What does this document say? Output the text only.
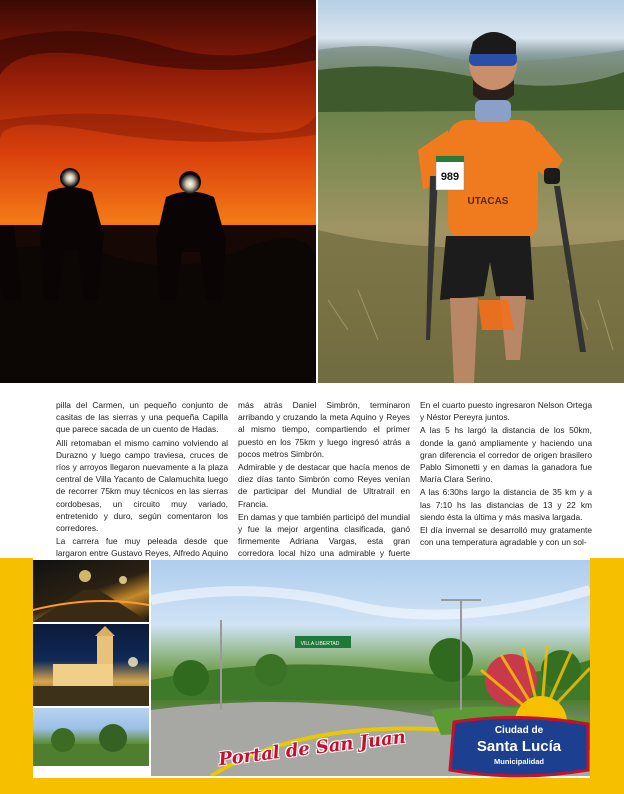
989
UTACAS

pilla del Carmen, un pequeño conjunto de casitas de las sierras y una pequeña Capilla que parece sacada de un cuento de Hadas.

Allí retomaban el mismo camino volviendo al Durazno y luego campo traviesa, cruces de ríos y arroyos llegaron nuevamente a la plaza central de Villa Yacanto de Calamuchita luego de recorrer 75km muy técnicos en las sierras cordobesas, un circuito muy variado, entretenido y duro, según comentaron los corredores.

La carrera fue muy peleada desde que largaron entre Gustavo Reyes, Alfredo Aquino

más atrás Daniel Simbrón, terminaron arribando y cruzando la meta Aquino y Reyes al mismo tiempo, compartiendo el primer puesto en los 75km y luego ingresó atrás a pocos metros Simbrón.

Admirable y de destacar que hacía menos de diez días tanto Simbrón como Reyes venían de participar del Mundial de Ultratrail en Francia.

En damas y que también participó del mundial y fue la mejor argentina clasificada, ganó firmemente Adriana Vargas, esta gran corredora local hizo una admirable y fuerte

En el cuarto puesto ingresaron Nelson Ortega y Néstor Pereyra juntos.

A las 5 hs largó la distancia de los 50km, donde la ganó ampliamente y haciendo una gran diferencia el corredor de origen brasilero Pablo Simonetti y en damas la ganadora fue María Clara Serino.

A las 6:30hs largo la distancia de 35 km y a las 7:10 hs las distancias de 13 y 22 km siendo ésta la última y más masiva largada.

El día invernal se desarrolló muy gratamente con una temperatura agradable y con un sol-

VILLA LIBERTAD
Portal de San Juan	Ciudad de
Santa Lucía
Municipalidad
